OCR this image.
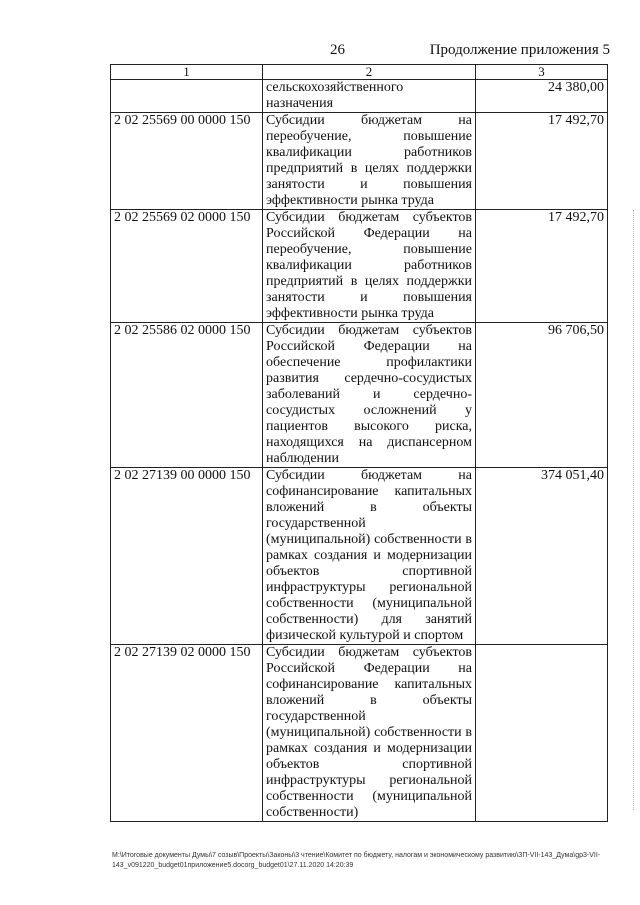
26	Продолжение приложения 5
1	2	3
	сельскохозяйственного назначения	24 380,00
2 02 25569 00 0000 150	Субсидии бюджетам на переобучение, повышение квалификации работников предприятий в целях поддержки занятости и повышения эффективности рынка труда	17 492,70
2 02 25569 02 0000 150	Субсидии бюджетам субъектов Российской Федерации на переобучение, повышение квалификации работников предприятий в целях поддержки занятости и повышения эффективности рынка труда	17 492,70
2 02 25586 02 0000 150	Субсидии бюджетам субъектов Российской Федерации на обеспечение профилактики развития сердечно-сосудистых заболеваний и сердечно-сосудистых осложнений у пациентов высокого риска, находящихся на диспансерном наблюдении	96 706,50
2 02 27139 00 0000 150	Субсидии бюджетам на софинансирование капитальных вложений в объекты государственной (муниципальной) собственности в рамках создания и модернизации объектов спортивной инфраструктуры региональной собственности (муниципальной собственности) для занятий физической культурой и спортом	374 051,40
2 02 27139 02 0000 150	Субсидии бюджетам субъектов Российской Федерации на софинансирование капитальных вложений в объекты государственной (муниципальной) собственности в рамках создания и модернизации объектов спортивной инфраструктуры региональной собственности (муниципальной собственности)	
M:\Итоговые документы Думы\7 созыв\Проекты\Законы\3 чтение\Комитет по бюджету, налогам и экономическому развитию\ЗП-VII-143_Дума\gp3-VII-143_v091220_budget01приложение5.docorg_budget01\27.11.2020 14:20:39
